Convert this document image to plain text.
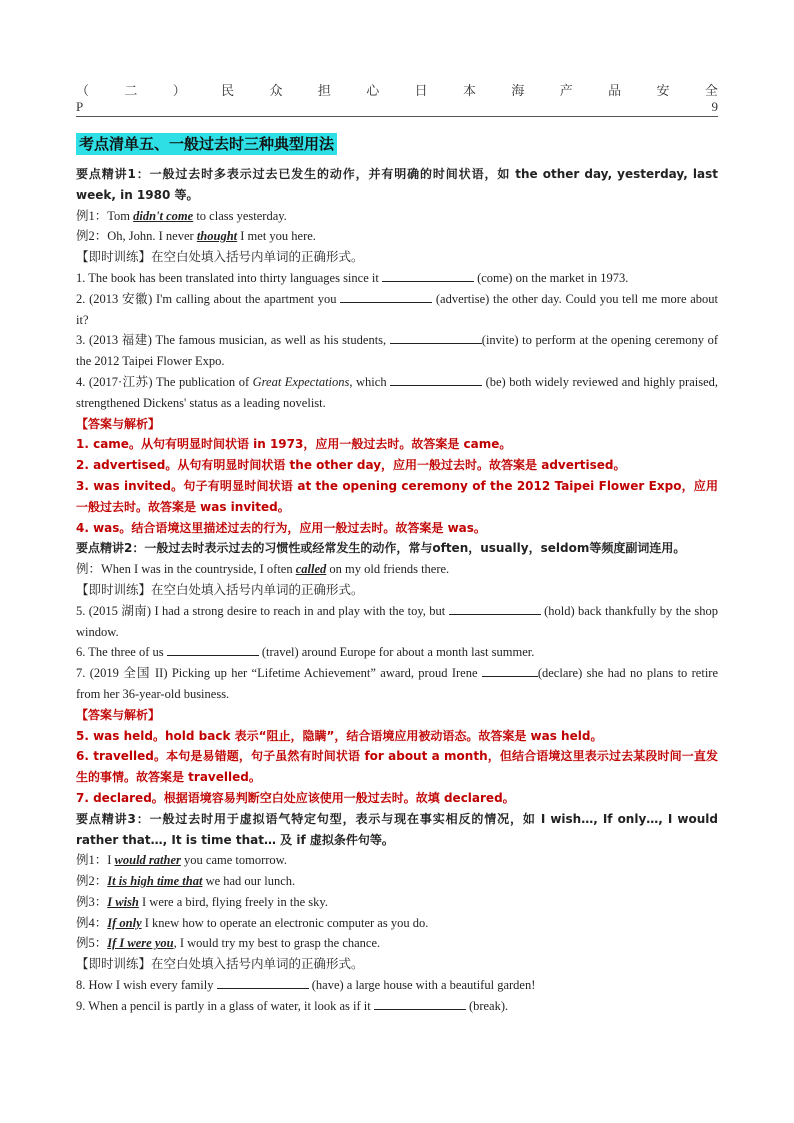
（	二	）	民	众	担	心	日	本	海	产	品	安	全
P	9
考点清单五、一般过去时三种典型用法

要点精讲1：一般过去时多表示过去已发生的动作，并有明确的时间状语，如 the other day, yesterday, last week, in 1980 等。

例1：Tom didn't come to class yesterday.

例2：Oh, John. I never thought I met you here.

【即时训练】在空白处填入括号内单词的正确形式。

1. The book has been translated into thirty languages since it	(come) on the market in 1973.

2. (2013 安徽) I'm calling about the apartment you	(advertise) the other day. Could you tell me more about it?

3. (2013 福建) The famous musician, as well as his students,	(invite) to perform at the opening ceremony of the 2012 Taipei Flower Expo.

4. (2017·江苏) The publication of Great Expectations, which	(be) both widely reviewed and highly praised, strengthened Dickens' status as a leading novelist.

【答案与解析】

1. came。从句有明显时间状语 in 1973，应用一般过去时。故答案是 came。

2. advertised。从句有明显时间状语 the other day，应用一般过去时。故答案是 advertised。

3. was invited。句子有明显时间状语 at the opening ceremony of the 2012 Taipei Flower Expo，应用一般过去时。故答案是 was invited。

4. was。结合语境这里描述过去的行为，应用一般过去时。故答案是 was。

要点精讲2：一般过去时表示过去的习惯性或经常发生的动作，常与often，usually，seldom等频度副词连用。

例：When I was in the countryside, I often called on my old friends there.

【即时训练】在空白处填入括号内单词的正确形式。

5. (2015 湖南) I had a strong desire to reach in and play with the toy, but	(hold) back thankfully by the shop window.

6. The three of us	(travel) around Europe for about a month last summer.

7. (2019 全国 II) Picking up her “Lifetime Achievement” award, proud Irene	(declare) she had no plans to retire from her 36-year-old business.

【答案与解析】

5. was held。hold back 表示“阻止，隐瞒”，结合语境应用被动语态。故答案是 was held。

6. travelled。本句是易错题，句子虽然有时间状语 for about a month，但结合语境这里表示过去某段时间一直发生的事情。故答案是 travelled。

7. declared。根据语境容易判断空白处应该使用一般过去时。故填 declared。

要点精讲3：一般过去时用于虚拟语气特定句型，表示与现在事实相反的情况，如 I wish…, If only…, I would rather that…, It is time that… 及 if 虚拟条件句等。

例1：I would rather you came tomorrow.

例2：It is high time that we had our lunch.

例3：I wish I were a bird, flying freely in the sky.

例4：If only I knew how to operate an electronic computer as you do.

例5：If I were you, I would try my best to grasp the chance.

【即时训练】在空白处填入括号内单词的正确形式。

8. How I wish every family	(have) a large house with a beautiful garden!

9. When a pencil is partly in a glass of water, it look as if it	(break).
